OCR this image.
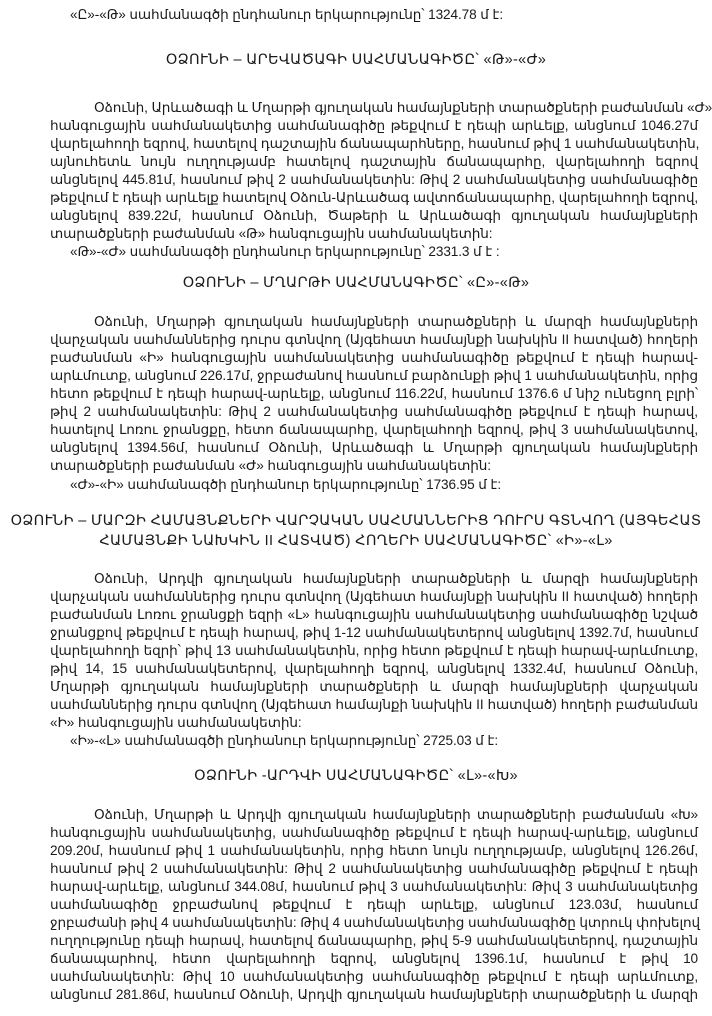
«Ը»-«Թ» սահմանագծի ընդհանուր երկարությունը՝ 1324.78 մ է:
ՕՁՈՒՆԻ – ԱՐԵՎԱԾԱԳԻ ՍԱՀՄԱՆԱԳԻԾԸ՝ «Թ»-«Ժ»
Օձունի, Արևածագի և Մղարթի գյուղական համայնքների տարածքների բաժանման «Ժ»
հանգուցային սահմանակետից սահմանագիծը թեքվում է դեպի արևելք, անցնում 1046.27մ
վարելահողի եզրով, հատելով դաշտային ճանապարհները, հասնում թիվ 1 սահմանակետին,
այնուհետև նույն ուղղությամբ հատելով դաշտային ճանապարհը, վարելահողի եզրով
անցնելով 445.81մ, հասնում թիվ 2 սահմանակետին: Թիվ 2 սահմանակետից սահմանագիծը
թեքվում է դեպի արևելք հատելով Օձուն-Արևածագ ավտոճանապարհը, վարելահողի եզրով,
անցնելով 839.22մ, հասնում Օձունի, Ծաթերի և Արևածագի գյուղական համայնքների
տարածքների բաժանման «Թ» հանգուցային սահմանակետին:
«Թ»-«Ժ» սահմանագծի ընդհանուր երկարությունը՝ 2331.3 մ է :
ՕՁՈՒՆԻ – ՄՂԱՐԹԻ ՍԱՀՄԱՆԱԳԻԾԸ՝ «Ը»-«Թ»
Օձունի, Մղարթի գյուղական համայնքների տարածքների և մարզի համայնքների
վարչական սահմաններից դուրս գտնվող (Այգեհատ համայնքի նախկին II հատված) հողերի
բաժանման «Ի» հանգուցային սահմանակետից սահմանագիծը թեքվում է դեպի հարավ-
արևմուտք, անցնում 226.17մ, ջրբաժանով հասնում բարձունքի թիվ 1 սահմանակետին, որից
հետո թեքվում է դեպի հարավ-արևելք, անցնում 116.22մ, հասնում 1376.6 մ նիշ ունեցող բլրի՝
թիվ 2 սահմանակետին: Թիվ 2 սահմանակետից սահմանագիծը թեքվում է դեպի հարավ,
հատելով Լոռու ջրանցքը, հետո ճանապարհը, վարելահողի եզրով, թիվ 3 սահմանակետով,
անցնելով 1394.56մ, հասնում Օձունի, Արևածագի և Մղարթի գյուղական համայնքների
տարածքների բաժանման «Ժ» հանգուցային սահմանակետին:
«Ժ»-«Ի» սահմանագծի ընդհանուր երկարությունը՝ 1736.95 մ է:
ՕՁՈՒՆԻ – ՄԱՐԶԻ ՀԱՄԱՅՆՔՆԵՐԻ ՎԱՐՉԱԿԱՆ ՍԱՀՄԱՆՆԵՐԻՑ ԴՈՒՐՍ ԳՏՆՎՈՂ (ԱՅԳԵՀԱՏ
ՀԱՄԱՅՆՔԻ ՆԱԽԿԻՆ II ՀԱՏՎԱԾ) ՀՈՂԵՐԻ ՍԱՀՄԱՆԱԳԻԾԸ՝ «Ի»-«Լ»
Օձունի, Արդվի գյուղական համայնքների տարածքների և մարզի համայնքների
վարչական սահմաններից դուրս գտնվող (Այգեհատ համայնքի նախկին II հատված) հողերի
բաժանման Լոռու ջրանցքի եզրի «Լ» հանգուցային սահմանակետից սահմանագիծը նշված
ջրանցքով թեքվում է դեպի հարավ, թիվ 1-12 սահմանակետերով անցնելով 1392.7մ, հասնում
վարելահողի եզրի՝ թիվ 13 սահմանակետին, որից հետո թեքվում է դեպի հարավ-արևմուտք,
թիվ 14, 15 սահմանակետերով, վարելահողի եզրով, անցնելով 1332.4մ, հասնում Օձունի,
Մղարթի գյուղական համայնքների տարածքների և մարզի համայնքների վարչական
սահմաններից դուրս գտնվող (Այգեհատ համայնքի նախկին II հատված) հողերի բաժանման
«Ի» հանգուցային սահմանակետին:
«Ի»-«Լ» սահմանագծի ընդհանուր երկարությունը՝ 2725.03 մ է:
ՕՁՈՒՆԻ -ԱՐԴՎԻ ՍԱՀՄԱՆԱԳԻԾԸ՝ «Լ»-«Խ»
Օձունի, Մղարթի և Արդվի գյուղական համայնքների տարածքների բաժանման «Խ»
հանգուցային սահմանակետից, սահմանագիծը թեքվում է դեպի հարավ-արևելք, անցնում
209.20մ, հասնում թիվ 1 սահմանակետին, որից հետո նույն ուղղությամբ, անցնելով 126.26մ,
հասնում թիվ 2 սահմանակետին: Թիվ 2 սահմանակետից սահմանագիծը թեքվում է դեպի
հարավ-արևելք, անցնում 344.08մ, հասնում թիվ 3 սահմանակետին: Թիվ 3 սահմանակետից
սահմանագիծը ջրբաժանով թեքվում է դեպի արևելք, անցնում 123.03մ, հասնում
ջրբաժանի թիվ 4 սահմանակետին: Թիվ 4 սահմանակետից սահմանագիծը կտրուկ փոխելով
ուղղությունը դեպի հարավ, հատելով ճանապարհը, թիվ 5-9 սահմանակետերով, դաշտային
ճանապարհով, հետո վարելահողի եզրով, անցնելով 1396.1մ, հասնում է թիվ 10
սահմանակետին: Թիվ 10 սահմանակետից սահմանագիծը թեքվում է դեպի արևմուտք,
անցնում 281.86մ, հասնում Օձունի, Արդվի գյուղական համայնքների տարածքների և մարզի
